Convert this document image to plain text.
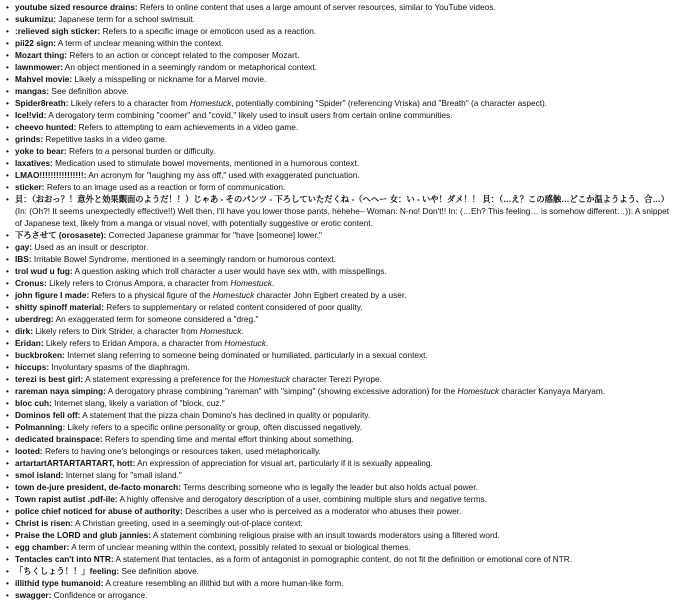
• youtube sized resource drains: Refers to online content that uses a large amount of server resources, similar to YouTube videos.
• sukumizu: Japanese term for a school swimsuit.
• :relieved sigh sticker: Refers to a specific image or emoticon used as a reaction.
• pii22 sign: A term of unclear meaning within the context.
• Mozart thing: Refers to an action or concept related to the composer Mozart.
• lawnmower: An object mentioned in a seemingly random or metaphorical context.
• Mahvel movie: Likely a misspelling or nickname for a Marvel movie.
• mangas: See definition above.
• Spider8reath: Likely refers to a character from Homestuck, potentially combining "Spider" (referencing Vriska) and "Breath" (a character aspect).
• Icel!vid: A derogatory term combining "coomer" and "covid," likely used to insult users from certain online communities.
• cheevo hunted: Refers to attempting to earn achievements in a video game.
• grinds: Repetitive tasks in a video game.
• yoke to bear: Refers to a personal burden or difficulty.
• laxatives: Medication used to stimulate bowel movements, mentioned in a humorous context.
• LMAO!!!!!!!!!!!!!!!!: An acronym for "laughing my ass off," used with exaggerated punctuation.
• sticker: Refers to an image used as a reaction or form of communication.
• 貝：（おおっ？！意外と効果覿面のようだ！！）じゃあ - そのパンツ - 下ろしていただくね -（へへー 女：い - いや！ダメ！！ 貝：（…え？この感触…どこか温ようよう、合…） (In: (Oh?! It seems unexpectedly effective!!) Well then, I'll have you lower those pants, hehehe– Woman: N-no! Don't!! In: (…Eh? This feeling… is somehow different…)): A snippet of Japanese text, likely from a manga or visual novel, with potentially suggestive or erotic content.
• 下ろさせて (orosasete): Corrected Japanese grammar for "have [someone] lower."
• gay: Used as an insult or descriptor.
• IBS: Irritable Bowel Syndrome, mentioned in a seemingly random or humorous context.
• trol wud u fug: A question asking which troll character a user would have sex with, with misspellings.
• Cronus: Likely refers to Cronus Ampora, a character from Homestuck.
• john figure I made: Refers to a physical figure of the Homestuck character John Egbert created by a user.
• shitty spinoff material: Refers to supplementary or related content considered of poor quality.
• uberdreg: An exaggerated term for someone considered a "dreg."
• dirk: Likely refers to Dirk Strider, a character from Homestuck.
• Eridan: Likely refers to Eridan Ampora, a character from Homestuck.
• buckbroken: Internet slang referring to someone being dominated or humiliated, particularly in a sexual context.
• hiccups: Involuntary spasms of the diaphragm.
• terezi is best girl: A statement expressing a preference for the Homestuck character Terezi Pyrope.
• rareman naya simping: A derogatory phrase combining "rareman" with "simping" (showing excessive adoration) for the Homestuck character Kanyaya Maryam.
• bloc cuh: Internet slang, likely a variation of "block, cuz."
• Dominos fell off: A statement that the pizza chain Domino's has declined in quality or popularity.
• Polmanning: Likely refers to a specific online personality or group, often discussed negatively.
• dedicated brainspace: Refers to spending time and mental effort thinking about something.
• looted: Refers to having one's belongings or resources taken, used metaphorically.
• artartartARTARTARTART, hott: An expression of appreciation for visual art, particularly if it is sexually appealing.
• smol island: Internet slang for "small island."
• town de-jure president, de-facto monarch: Terms describing someone who is legally the leader but also holds actual power.
• Town rapist autist .pdf-ile: A highly offensive and derogatory description of a user, combining multiple slurs and negative terms.
• police chief noticed for abuse of authority: Describes a user who is perceived as a moderator who abuses their power.
• Christ is risen: A Christian greeting, used in a seemingly out-of-place context.
• Praise the LORD and glub jannies: A statement combining religious praise with an insult towards moderators using a filtered word.
• egg chamber: A term of unclear meaning within the context, possibly related to sexual or biological themes.
• Tentacles can't into NTR: A statement that tentacles, as a form of antagonist in pornographic content, do not fit the definition or emotional core of NTR.
• 「ちくしょう！！」feeling: See definition above.
• illithid type humanoid: A creature resembling an illithid but with a more human-like form.
• swagger: Confidence or arrogance.
